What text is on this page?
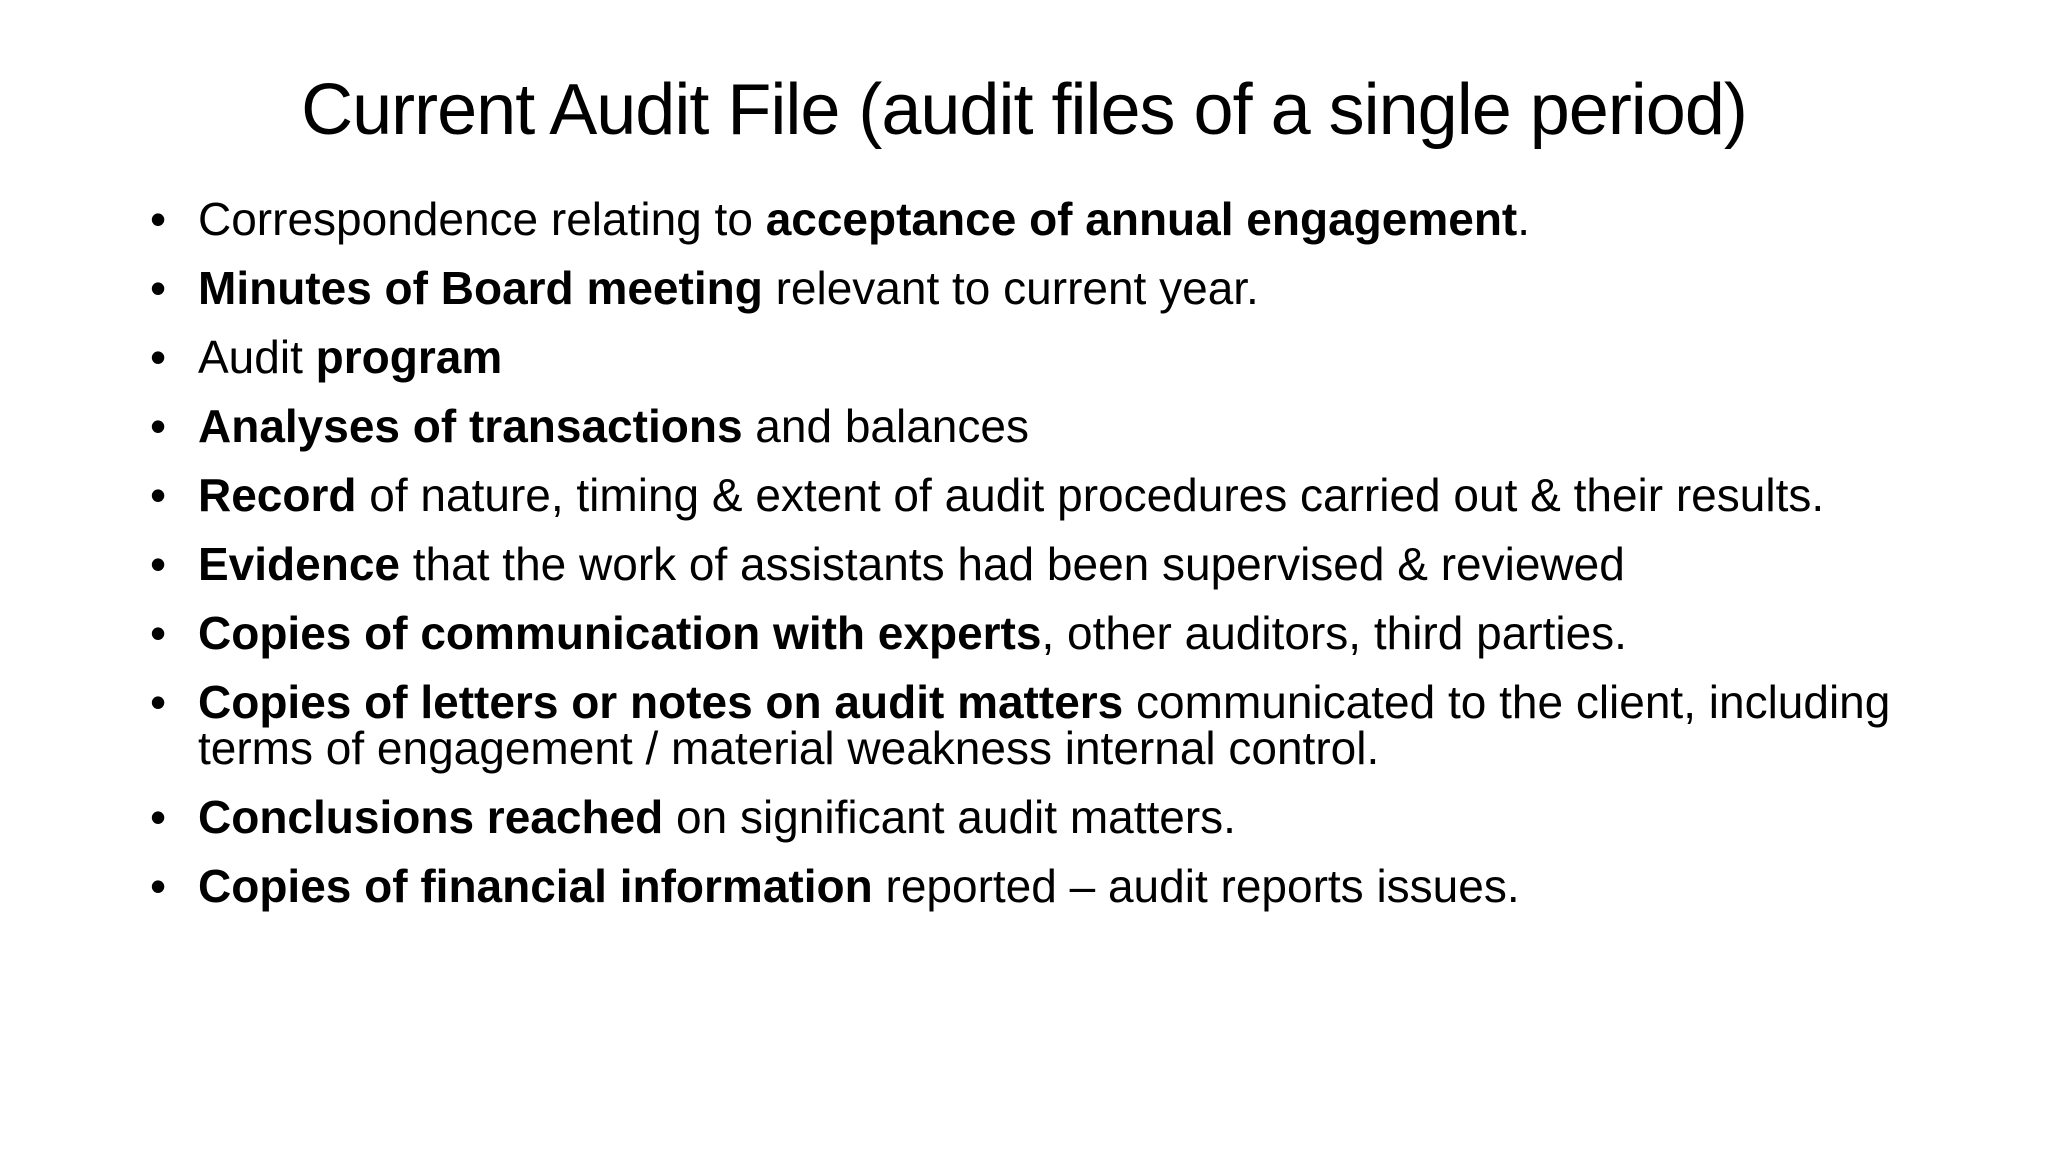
Current Audit File (audit files of a single period)
• Correspondence relating to acceptance of annual engagement.
• Minutes of Board meeting relevant to current year.
• Audit program
• Analyses of transactions and balances
• Record of nature, timing & extent of audit procedures carried out & their results.
• Evidence that the work of assistants had been supervised & reviewed
• Copies of communication with experts, other auditors, third parties.
• Copies of letters or notes on audit matters communicated to the client, including terms of engagement / material weakness internal control.
• Conclusions reached on significant audit matters.
• Copies of financial information reported – audit reports issues.
